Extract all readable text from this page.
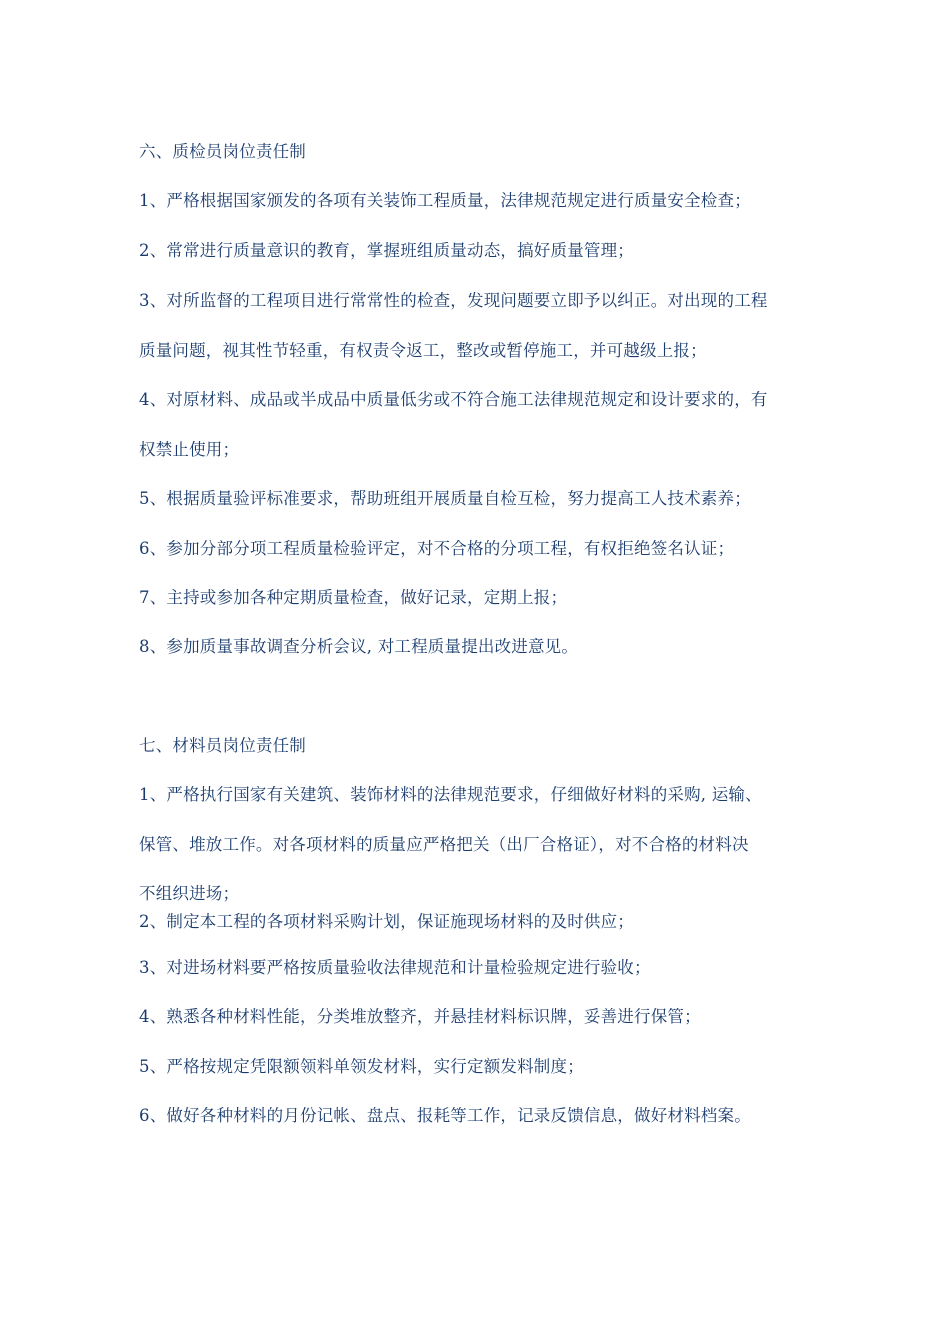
六、质检员岗位责任制
1、严格根据国家颁发的各项有关装饰工程质量，法律规范规定进行质量安全检查；
2、常常进行质量意识的教育，掌握班组质量动态，搞好质量管理；
3、对所监督的工程项目进行常常性的检查，发现问题要立即予以纠正。对出现的工程
质量问题，视其性节轻重，有权责令返工，整改或暂停施工，并可越级上报；
4、对原材料、成品或半成品中质量低劣或不符合施工法律规范规定和设计要求的，有
权禁止使用；
5、根据质量验评标准要求，帮助班组开展质量自检互检，努力提高工人技术素养；
6、参加分部分项工程质量检验评定，对不合格的分项工程，有权拒绝签名认证；
7、主持或参加各种定期质量检查，做好记录，定期上报；
8、参加质量事故调查分析会议, 对工程质量提出改进意见。
七、材料员岗位责任制
1、严格执行国家有关建筑、装饰材料的法律规范要求，仔细做好材料的采购, 运输、
保管、堆放工作。对各项材料的质量应严格把关（出厂合格证），对不合格的材料决
不组织进场；
2、制定本工程的各项材料采购计划，保证施现场材料的及时供应；
3、对进场材料要严格按质量验收法律规范和计量检验规定进行验收；
4、熟悉各种材料性能，分类堆放整齐，并悬挂材料标识牌，妥善进行保管；
5、严格按规定凭限额领料单领发材料，实行定额发料制度；
6、做好各种材料的月份记帐、盘点、报耗等工作，记录反馈信息，做好材料档案。
